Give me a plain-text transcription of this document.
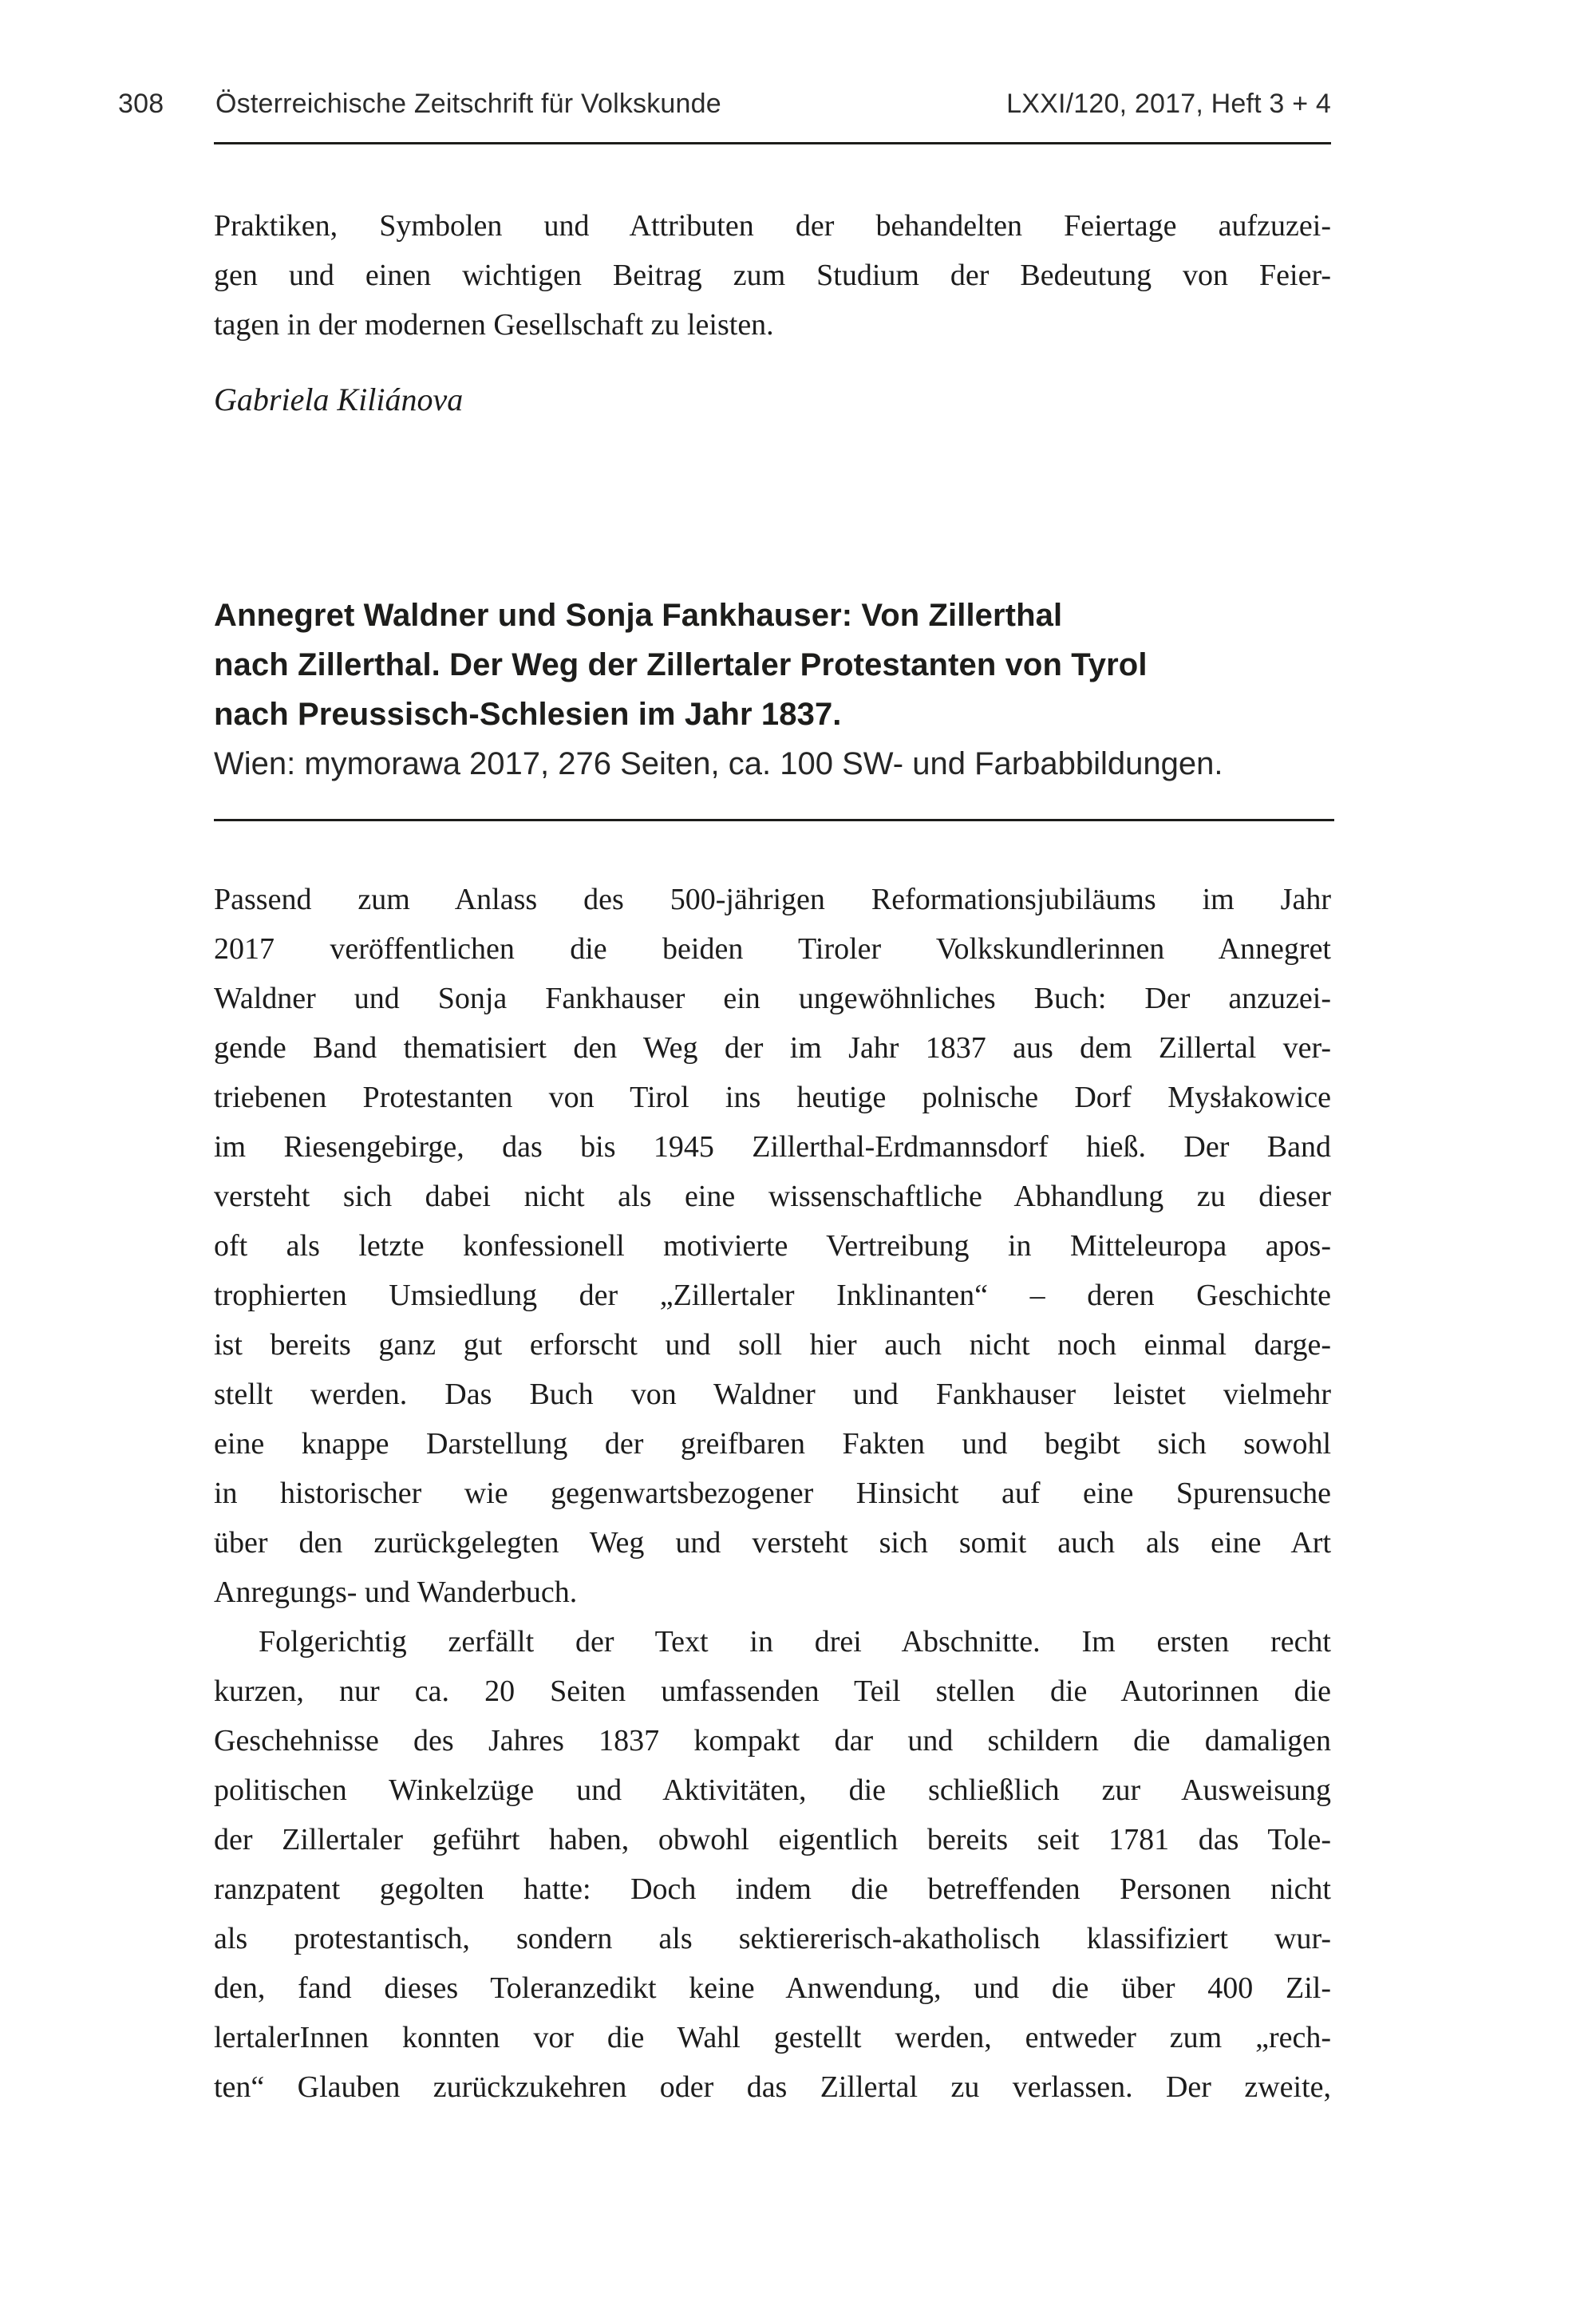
308 Österreichische Zeitschrift für Volkskunde	LXXI/120, 2017, Heft 3 + 4
Praktiken, Symbolen und Attributen der behandelten Feiertage aufzuzei-
gen und einen wichtigen Beitrag zum Studium der Bedeutung von Feier-
tagen in der modernen Gesellschaft zu leisten.
Gabriela Kiliánova
Annegret Waldner und Sonja Fankhauser: Von Zillerthal
nach Zillerthal. Der Weg der Zillertaler Protestanten von Tyrol
nach Preussisch-Schlesien im Jahr 1837.
Wien: mymorawa 2017, 276 Seiten, ca. 100 SW- und Farbabbildungen.
Passend zum Anlass des 500-jährigen Reformationsjubiläums im Jahr
2017 veröffentlichen die beiden Tiroler Volkskundlerinnen Annegret
Waldner und Sonja Fankhauser ein ungewöhnliches Buch: Der anzuzei-
gende Band thematisiert den Weg der im Jahr 1837 aus dem Zillertal ver-
triebenen Protestanten von Tirol ins heutige polnische Dorf Mysłakowice
im Riesengebirge, das bis 1945 Zillerthal-Erdmannsdorf hieß. Der Band
versteht sich dabei nicht als eine wissenschaftliche Abhandlung zu dieser
oft als letzte konfessionell motivierte Vertreibung in Mitteleuropa apos-
trophierten Umsiedlung der „Zillertaler Inklinanten“ – deren Geschichte
ist bereits ganz gut erforscht und soll hier auch nicht noch einmal darge-
stellt werden. Das Buch von Waldner und Fankhauser leistet vielmehr
eine knappe Darstellung der greifbaren Fakten und begibt sich sowohl
in historischer wie gegenwartsbezogener Hinsicht auf eine Spurensuche
über den zurückgelegten Weg und versteht sich somit auch als eine Art
Anregungs- und Wanderbuch.
Folgerichtig zerfällt der Text in drei Abschnitte. Im ersten recht
kurzen, nur ca. 20 Seiten umfassenden Teil stellen die Autorinnen die
Geschehnisse des Jahres 1837 kompakt dar und schildern die damaligen
politischen Winkelzüge und Aktivitäten, die schließlich zur Ausweisung
der Zillertaler geführt haben, obwohl eigentlich bereits seit 1781 das Tole-
ranzpatent gegolten hatte: Doch indem die betreffenden Personen nicht
als protestantisch, sondern als sektiererisch-akatholisch klassifiziert wur-
den, fand dieses Toleranzedikt keine Anwendung, und die über 400 Zil-
lertalerInnen konnten vor die Wahl gestellt werden, entweder zum „rech-
ten“ Glauben zurückzukehren oder das Zillertal zu verlassen. Der zweite,
